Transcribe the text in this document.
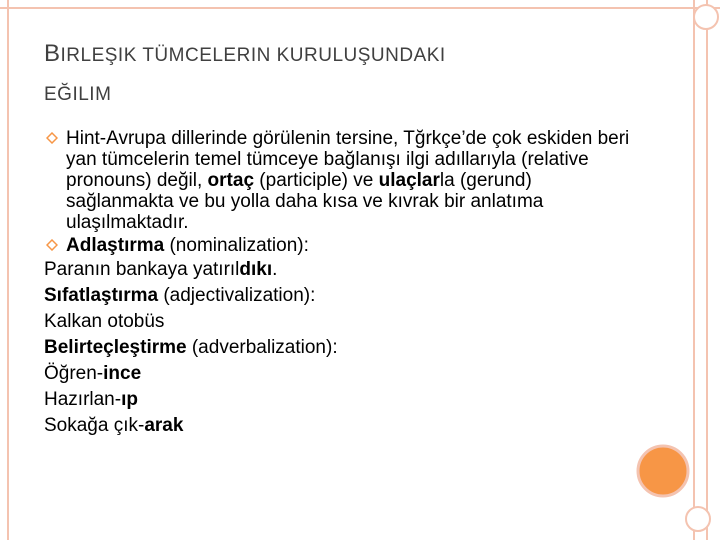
BIRLEŞIK TÜMCELERIN KURULUŞUNDAKI
EĞILIM
Hint-Avrupa dillerinde görülenin tersine, Tğrkçe’de çok eskiden beri yan tümcelerin temel tümceye bağlanışı ilgi adıllarıyla (relative pronouns) değil, ortaç (participle) ve ulaçlarla (gerund) sağlanmakta ve bu yolla daha kısa ve kıvrak bir anlatıma ulaşılmaktadır.
Adlaştırma (nominalization):
Paranın bankaya yatırıldıkı.
Sıfatlaştırma (adjectivalization):
Kalkan otobüs
Belirteçleştirme (adverbalization):
Öğren-ince
Hazırlan-ıp
Sokağa çık-arak
